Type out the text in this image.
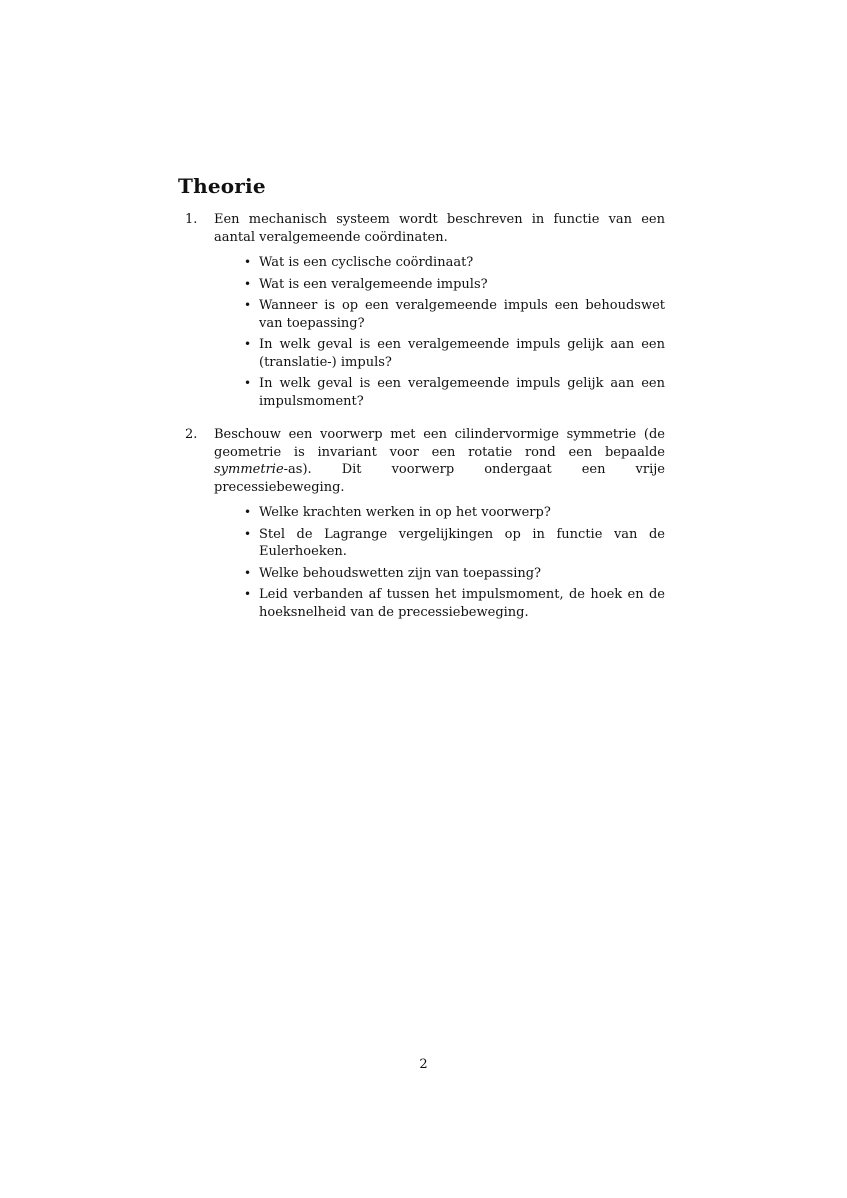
Theorie
1.	Een mechanisch systeem wordt beschreven in functie van een aantal veralgemeende coördinaten.

• Wat is een cyclische coördinaat?
• Wat is een veralgemeende impuls?
• Wanneer is op een veralgemeende impuls een behoudswet van toepassing?
• In welk geval is een veralgemeende impuls gelijk aan een (translatie-) impuls?
• In welk geval is een veralgemeende impuls gelijk aan een impulsmoment?
2.	Beschouw een voorwerp met een cilindervormige symmetrie (de geometrie is invariant voor een rotatie rond een bepaalde symmetrie-as). Dit voorwerp ondergaat een vrije precessiebeweging.

• Welke krachten werken in op het voorwerp?
• Stel de Lagrange vergelijkingen op in functie van de Eulerhoeken.
• Welke behoudswetten zijn van toepassing?
• Leid verbanden af tussen het impulsmoment, de hoek en de hoeksnelheid van de precessiebeweging.
2
